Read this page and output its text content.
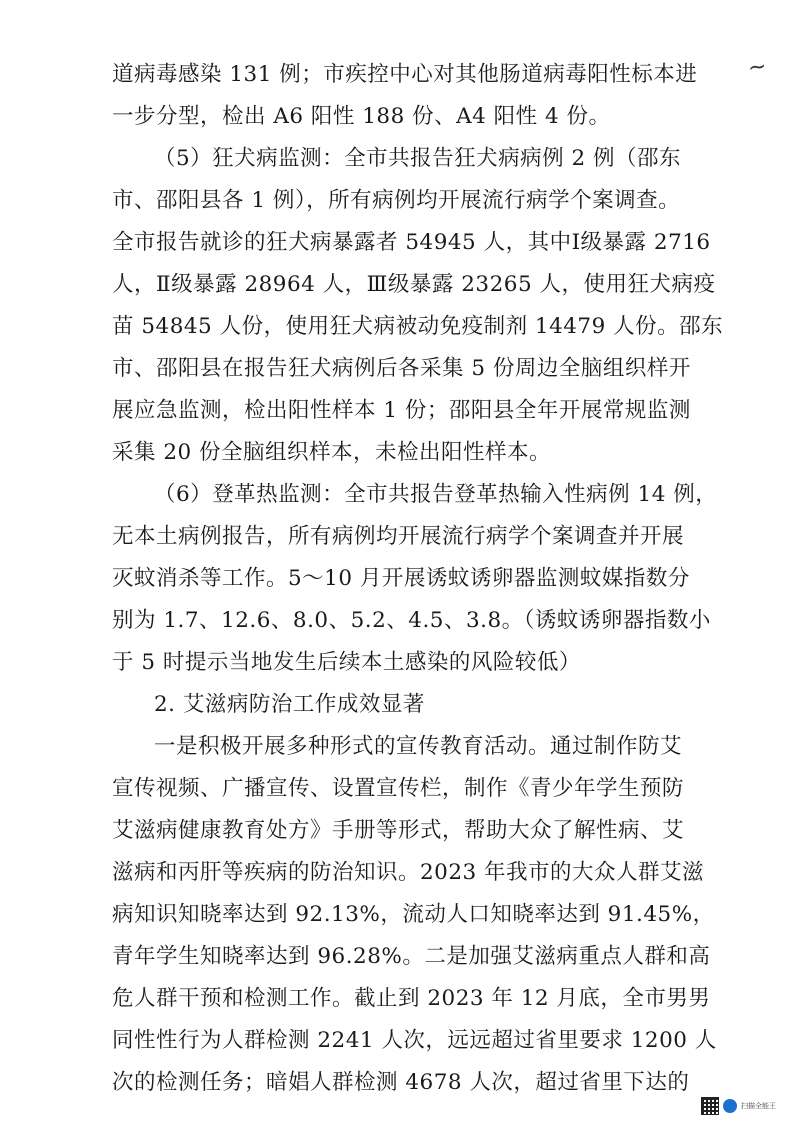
~
道病毒感染 131 例；市疾控中心对其他肠道病毒阳性标本进
一步分型，检出 A6 阳性 188 份、A4 阳性 4 份。
（5）狂犬病监测：全市共报告狂犬病病例 2 例（邵东
市、邵阳县各 1 例），所有病例均开展流行病学个案调查。
全市报告就诊的狂犬病暴露者 54945 人，其中Ⅰ级暴露 2716
人，Ⅱ级暴露 28964 人，Ⅲ级暴露 23265 人，使用狂犬病疫
苗 54845 人份，使用狂犬病被动免疫制剂 14479 人份。邵东
市、邵阳县在报告狂犬病例后各采集 5 份周边全脑组织样开
展应急监测，检出阳性样本 1 份；邵阳县全年开展常规监测
采集 20 份全脑组织样本，未检出阳性样本。
（6）登革热监测：全市共报告登革热输入性病例 14 例，
无本土病例报告，所有病例均开展流行病学个案调查并开展
灭蚊消杀等工作。5～10 月开展诱蚊诱卵器监测蚊媒指数分
别为 1.7、12.6、8.0、5.2、4.5、3.8。（诱蚊诱卵器指数小
于 5 时提示当地发生后续本土感染的风险较低）
2. 艾滋病防治工作成效显著
一是积极开展多种形式的宣传教育活动。通过制作防艾
宣传视频、广播宣传、设置宣传栏，制作《青少年学生预防
艾滋病健康教育处方》手册等形式，帮助大众了解性病、艾
滋病和丙肝等疾病的防治知识。2023 年我市的大众人群艾滋
病知识知晓率达到 92.13%，流动人口知晓率达到 91.45%，
青年学生知晓率达到 96.28%。二是加强艾滋病重点人群和高
危人群干预和检测工作。截止到 2023 年 12 月底，全市男男
同性性行为人群检测 2241 人次，远远超过省里要求 1200 人
次的检测任务；暗娼人群检测 4678 人次，超过省里下达的
扫描全能王
